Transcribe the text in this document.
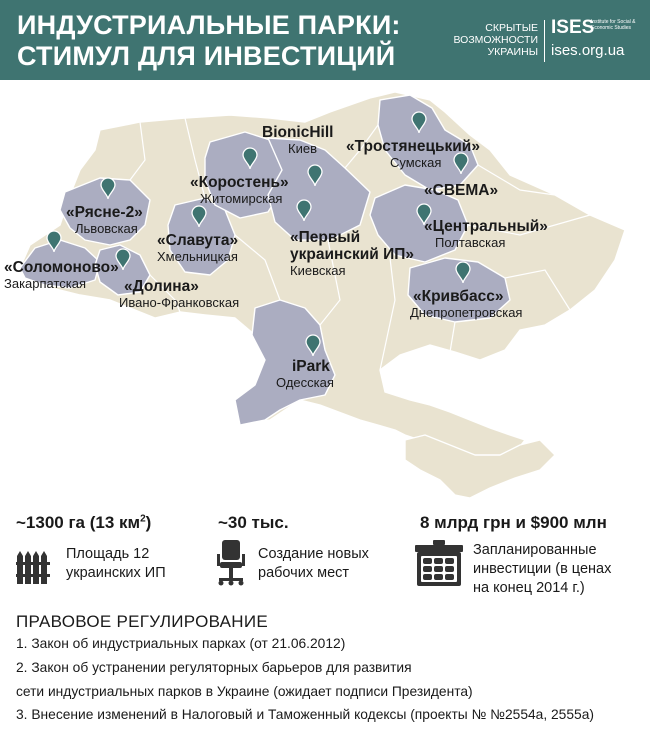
ИНДУСТРИАЛЬНЫЕ ПАРКИ:
СТИМУЛ ДЛЯ ИНВЕСТИЦИЙ
СКРЫТЫЕ
ВОЗМОЖНОСТИ
УКРАИНЫ
ISES
Institute for Social & Economic Studies
ises.org.ua
BionicHill
Киев	«Тростянецький»
Сумская
«Коростень»
Житомирская	«СВЕМА»
«Рясне-2»
Львовская	«Центральный»
Полтавская
«Славута»
Хмельницкая
«Первый
украинский ИП»
Киевская
«Соломоново»
Закарпатская	«Долина»
Ивано-Франковская	«Кривбасс»
Днепропетровская
iPark
Одесская
~1300 га (13 $км^2$)
Площадь 12
украинских ИП
~30 тыс.
Создание новых
рабочих мест
8 млрд грн и $900 млн
Запланированные
инвестиции (в ценах
на конец 2014 г.)
ПРАВОВОЕ РЕГУЛИРОВАНИЕ
1. Закон об индустриальных парках (от 21.06.2012)
2. Закон об устранении регуляторных барьеров для развития
сети индустриальных парков в Украине (ожидает подписи Президента)
3. Внесение изменений в Налоговый и Таможенный кодексы (проекты № №2554а, 2555а)
